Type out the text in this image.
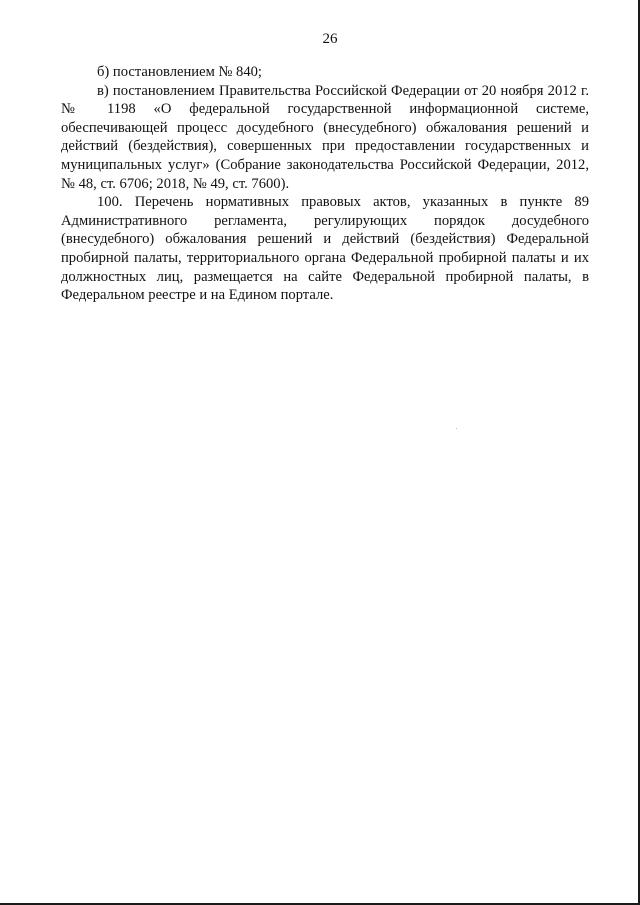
26

б) постановлением № 840;

в) постановлением Правительства Российской Федерации от 20 ноября 2012 г. № 1198 «О федеральной государственной информационной системе, обеспечивающей процесс досудебного (внесудебного) обжалования решений и действий (бездействия), совершенных при предоставлении государственных и муниципальных услуг» (Собрание законодательства Российской Федерации, 2012, № 48, ст. 6706; 2018, № 49, ст. 7600).

100. Перечень нормативных правовых актов, указанных в пункте 89 Административного регламента, регулирующих порядок досудебного (внесудебного) обжалования решений и действий (бездействия) Федеральной пробирной палаты, территориального органа Федеральной пробирной палаты и их должностных лиц, размещается на сайте Федеральной пробирной палаты, в Федеральном реестре и на Едином портале.
